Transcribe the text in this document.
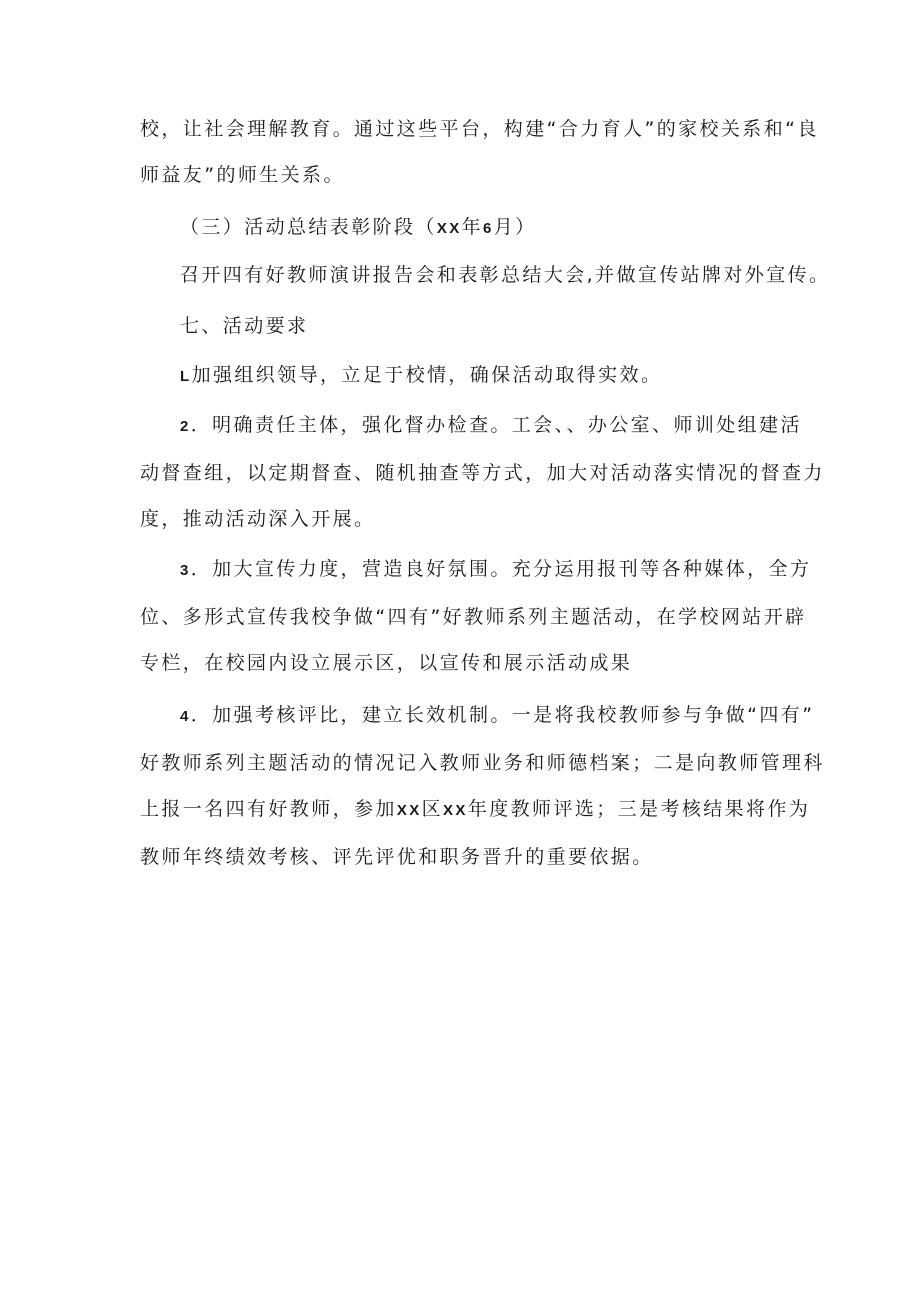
校，让社会理解教育。通过这些平台，构建“合力育人”的家校关系和“良
师益友”的师生关系。

（三）活动总结表彰阶段（XX年6月）

召开四有好教师演讲报告会和表彰总结大会,并做宣传站牌对外宣传。

七、活动要求

L加强组织领导，立足于校情，确保活动取得实效。

2．明确责任主体，强化督办检查。工会、、办公室、师训处组建活
动督查组，以定期督查、随机抽查等方式，加大对活动落实情况的督查力
度，推动活动深入开展。

3．加大宣传力度，营造良好氛围。充分运用报刊等各种媒体，全方
位、多形式宣传我校争做“四有”好教师系列主题活动，在学校网站开辟
专栏，在校园内设立展示区，以宣传和展示活动成果

4．加强考核评比，建立长效机制。一是将我校教师参与争做“四有”
好教师系列主题活动的情况记入教师业务和师德档案；二是向教师管理科
上报一名四有好教师，参加XX区XX年度教师评选；三是考核结果将作为
教师年终绩效考核、评先评优和职务晋升的重要依据。
